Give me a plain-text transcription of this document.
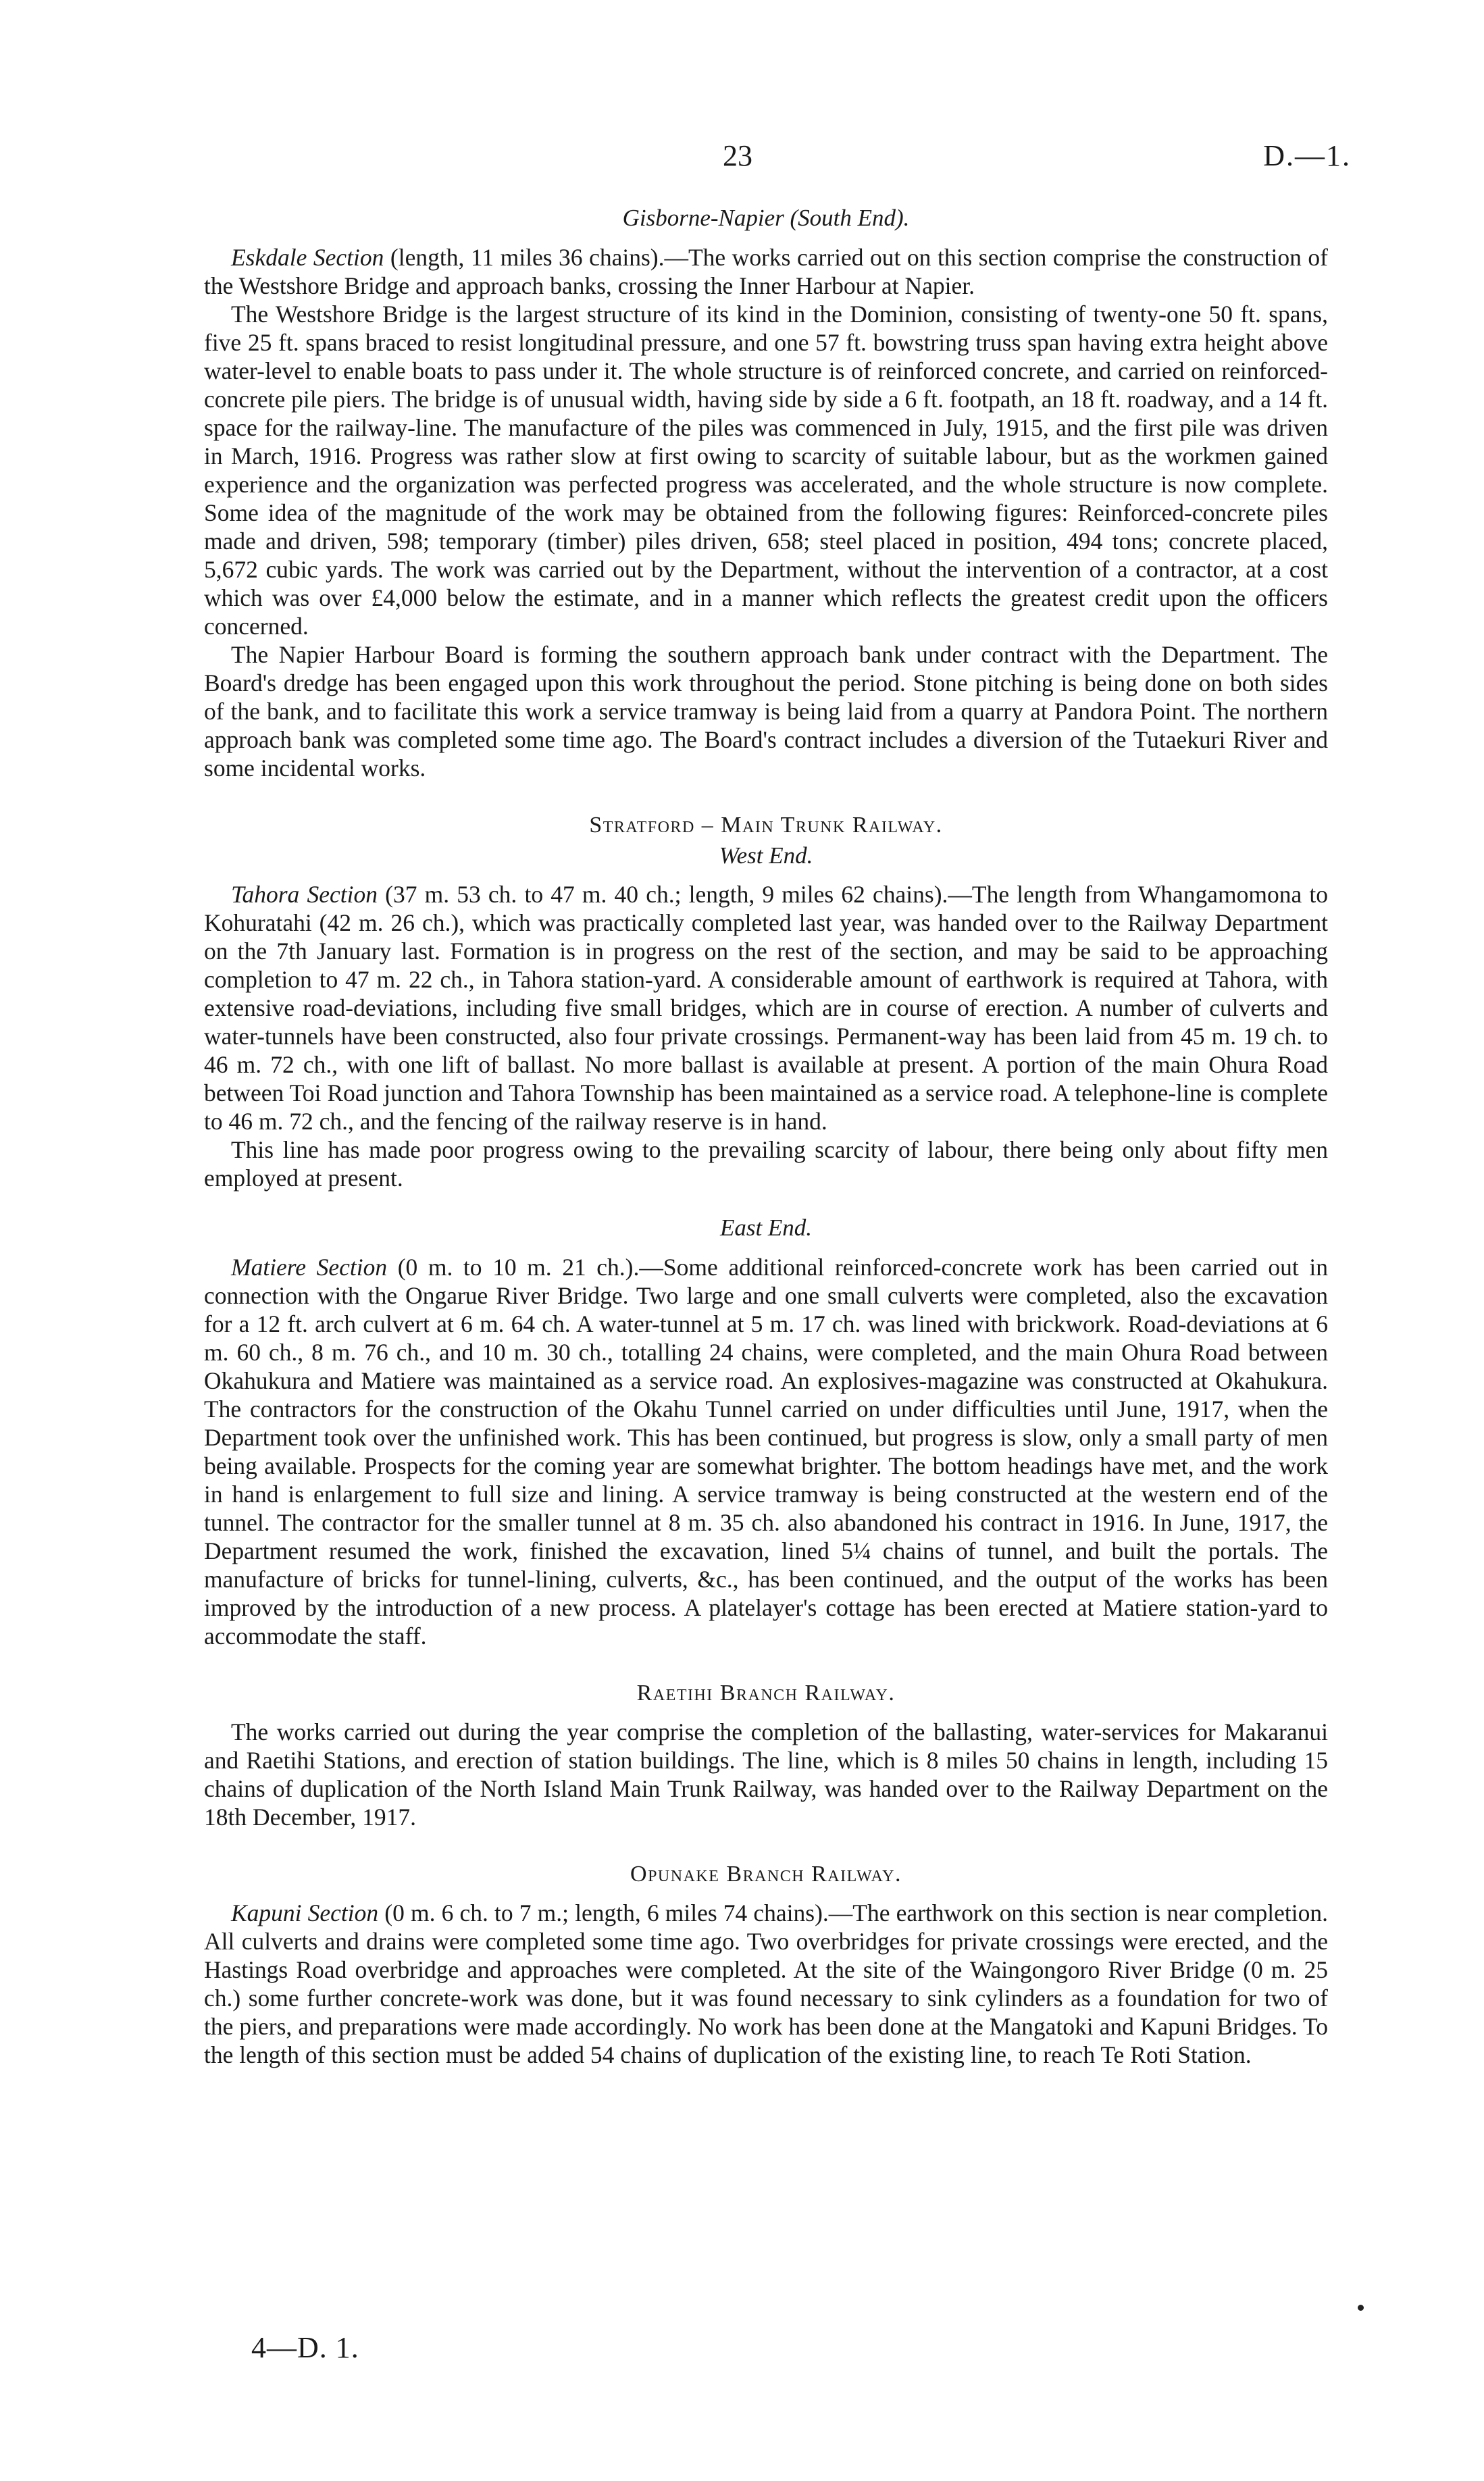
23	D.—1.

Gisborne-Napier (South End).

Eskdale Section (length, 11 miles 36 chains).—The works carried out on this section comprise the construction of the Westshore Bridge and approach banks, crossing the Inner Harbour at Napier.

The Westshore Bridge is the largest structure of its kind in the Dominion, consisting of twenty-one 50 ft. spans, five 25 ft. spans braced to resist longitudinal pressure, and one 57 ft. bowstring truss span having extra height above water-level to enable boats to pass under it. The whole structure is of reinforced concrete, and carried on reinforced-concrete pile piers. The bridge is of unusual width, having side by side a 6 ft. footpath, an 18 ft. roadway, and a 14 ft. space for the railway-line. The manufacture of the piles was commenced in July, 1915, and the first pile was driven in March, 1916. Progress was rather slow at first owing to scarcity of suitable labour, but as the workmen gained experience and the organization was perfected progress was accelerated, and the whole structure is now complete. Some idea of the magnitude of the work may be obtained from the following figures: Reinforced-concrete piles made and driven, 598; temporary (timber) piles driven, 658; steel placed in position, 494 tons; concrete placed, 5,672 cubic yards. The work was carried out by the Department, without the intervention of a contractor, at a cost which was over £4,000 below the estimate, and in a manner which reflects the greatest credit upon the officers concerned.

The Napier Harbour Board is forming the southern approach bank under contract with the Department. The Board's dredge has been engaged upon this work throughout the period. Stone pitching is being done on both sides of the bank, and to facilitate this work a service tramway is being laid from a quarry at Pandora Point. The northern approach bank was completed some time ago. The Board's contract includes a diversion of the Tutaekuri River and some incidental works.

Stratford – Main Trunk Railway.

West End.

Tahora Section (37 m. 53 ch. to 47 m. 40 ch.; length, 9 miles 62 chains).—The length from Whangamomona to Kohuratahi (42 m. 26 ch.), which was practically completed last year, was handed over to the Railway Department on the 7th January last. Formation is in progress on the rest of the section, and may be said to be approaching completion to 47 m. 22 ch., in Tahora station-yard. A considerable amount of earthwork is required at Tahora, with extensive road-deviations, including five small bridges, which are in course of erection. A number of culverts and water-tunnels have been constructed, also four private crossings. Permanent-way has been laid from 45 m. 19 ch. to 46 m. 72 ch., with one lift of ballast. No more ballast is available at present. A portion of the main Ohura Road between Toi Road junction and Tahora Township has been maintained as a service road. A telephone-line is complete to 46 m. 72 ch., and the fencing of the railway reserve is in hand.

This line has made poor progress owing to the prevailing scarcity of labour, there being only about fifty men employed at present.

East End.

Matiere Section (0 m. to 10 m. 21 ch.).—Some additional reinforced-concrete work has been carried out in connection with the Ongarue River Bridge. Two large and one small culverts were completed, also the excavation for a 12 ft. arch culvert at 6 m. 64 ch. A water-tunnel at 5 m. 17 ch. was lined with brickwork. Road-deviations at 6 m. 60 ch., 8 m. 76 ch., and 10 m. 30 ch., totalling 24 chains, were completed, and the main Ohura Road between Okahukura and Matiere was maintained as a service road. An explosives-magazine was constructed at Okahukura. The contractors for the construction of the Okahu Tunnel carried on under difficulties until June, 1917, when the Department took over the unfinished work. This has been continued, but progress is slow, only a small party of men being available. Prospects for the coming year are somewhat brighter. The bottom headings have met, and the work in hand is enlargement to full size and lining. A service tramway is being constructed at the western end of the tunnel. The contractor for the smaller tunnel at 8 m. 35 ch. also abandoned his contract in 1916. In June, 1917, the Department resumed the work, finished the excavation, lined 5¼ chains of tunnel, and built the portals. The manufacture of bricks for tunnel-lining, culverts, &c., has been continued, and the output of the works has been improved by the introduction of a new process. A platelayer's cottage has been erected at Matiere station-yard to accommodate the staff.

Raetihi Branch Railway.

The works carried out during the year comprise the completion of the ballasting, water-services for Makaranui and Raetihi Stations, and erection of station buildings. The line, which is 8 miles 50 chains in length, including 15 chains of duplication of the North Island Main Trunk Railway, was handed over to the Railway Department on the 18th December, 1917.

Opunake Branch Railway.

Kapuni Section (0 m. 6 ch. to 7 m.; length, 6 miles 74 chains).—The earthwork on this section is near completion. All culverts and drains were completed some time ago. Two overbridges for private crossings were erected, and the Hastings Road overbridge and approaches were completed. At the site of the Waingongoro River Bridge (0 m. 25 ch.) some further concrete-work was done, but it was found necessary to sink cylinders as a foundation for two of the piers, and preparations were made accordingly. No work has been done at the Mangatoki and Kapuni Bridges. To the length of this section must be added 54 chains of duplication of the existing line, to reach Te Roti Station.

4—D. 1.
